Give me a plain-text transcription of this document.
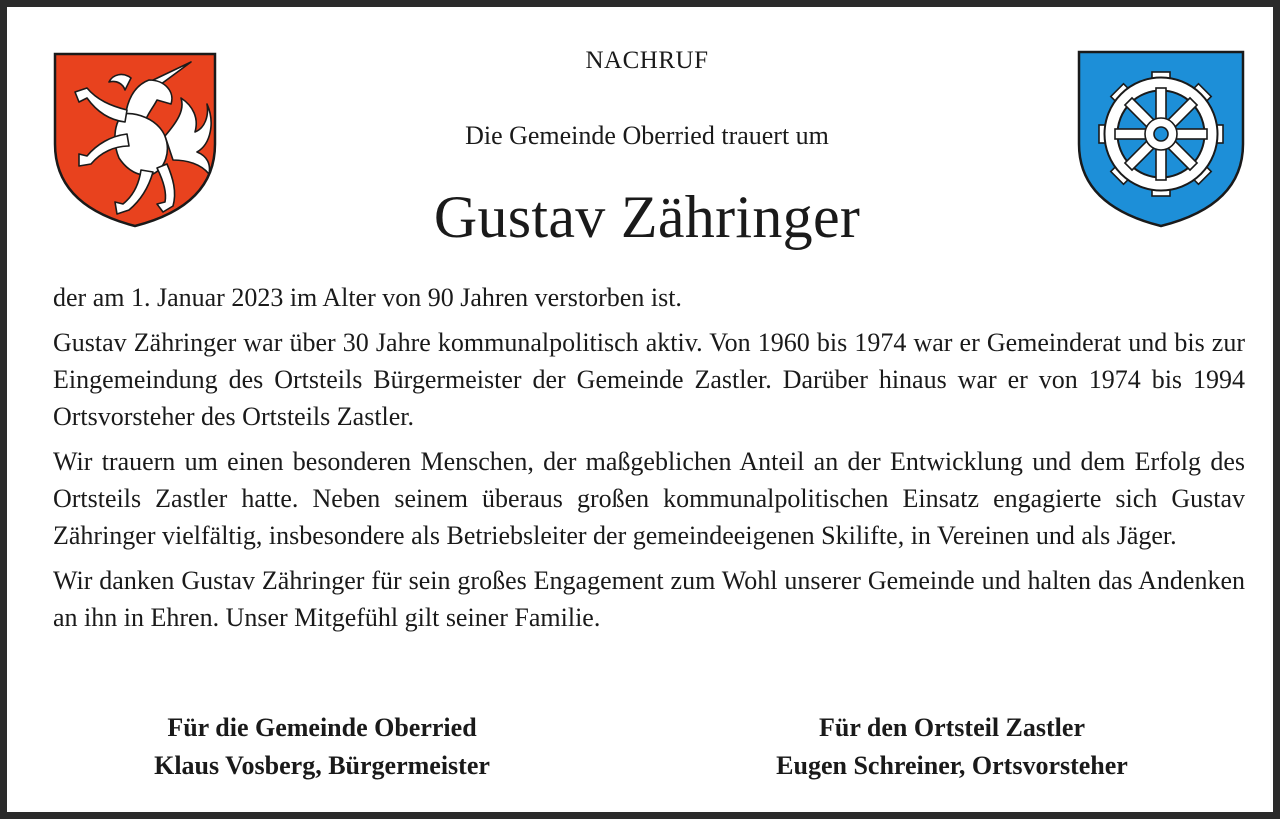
NACHRUF
Die Gemeinde Oberried trauert um
Gustav Zähringer

der am 1. Januar 2023 im Alter von 90 Jahren verstorben ist.

Gustav Zähringer war über 30 Jahre kommunalpolitisch aktiv. Von 1960 bis 1974 war er Gemeinderat und bis zur Eingemeindung des Ortsteils Bürgermeister der Gemeinde Zastler. Darüber hinaus war er von 1974 bis 1994 Ortsvorsteher des Ortsteils Zastler.

Wir trauern um einen besonderen Menschen, der maßgeblichen Anteil an der Entwicklung und dem Erfolg des Ortsteils Zastler hatte. Neben seinem überaus großen kommunalpolitischen Einsatz engagierte sich Gustav Zähringer vielfältig, insbesondere als Betriebsleiter der gemeindeeigenen Skilifte, in Vereinen und als Jäger.

Wir danken Gustav Zähringer für sein großes Engagement zum Wohl unserer Gemeinde und halten das Andenken an ihn in Ehren. Unser Mitgefühl gilt seiner Familie.

Für die Gemeinde Oberried
Klaus Vosberg, Bürgermeister
Für den Ortsteil Zastler
Eugen Schreiner, Ortsvorsteher
